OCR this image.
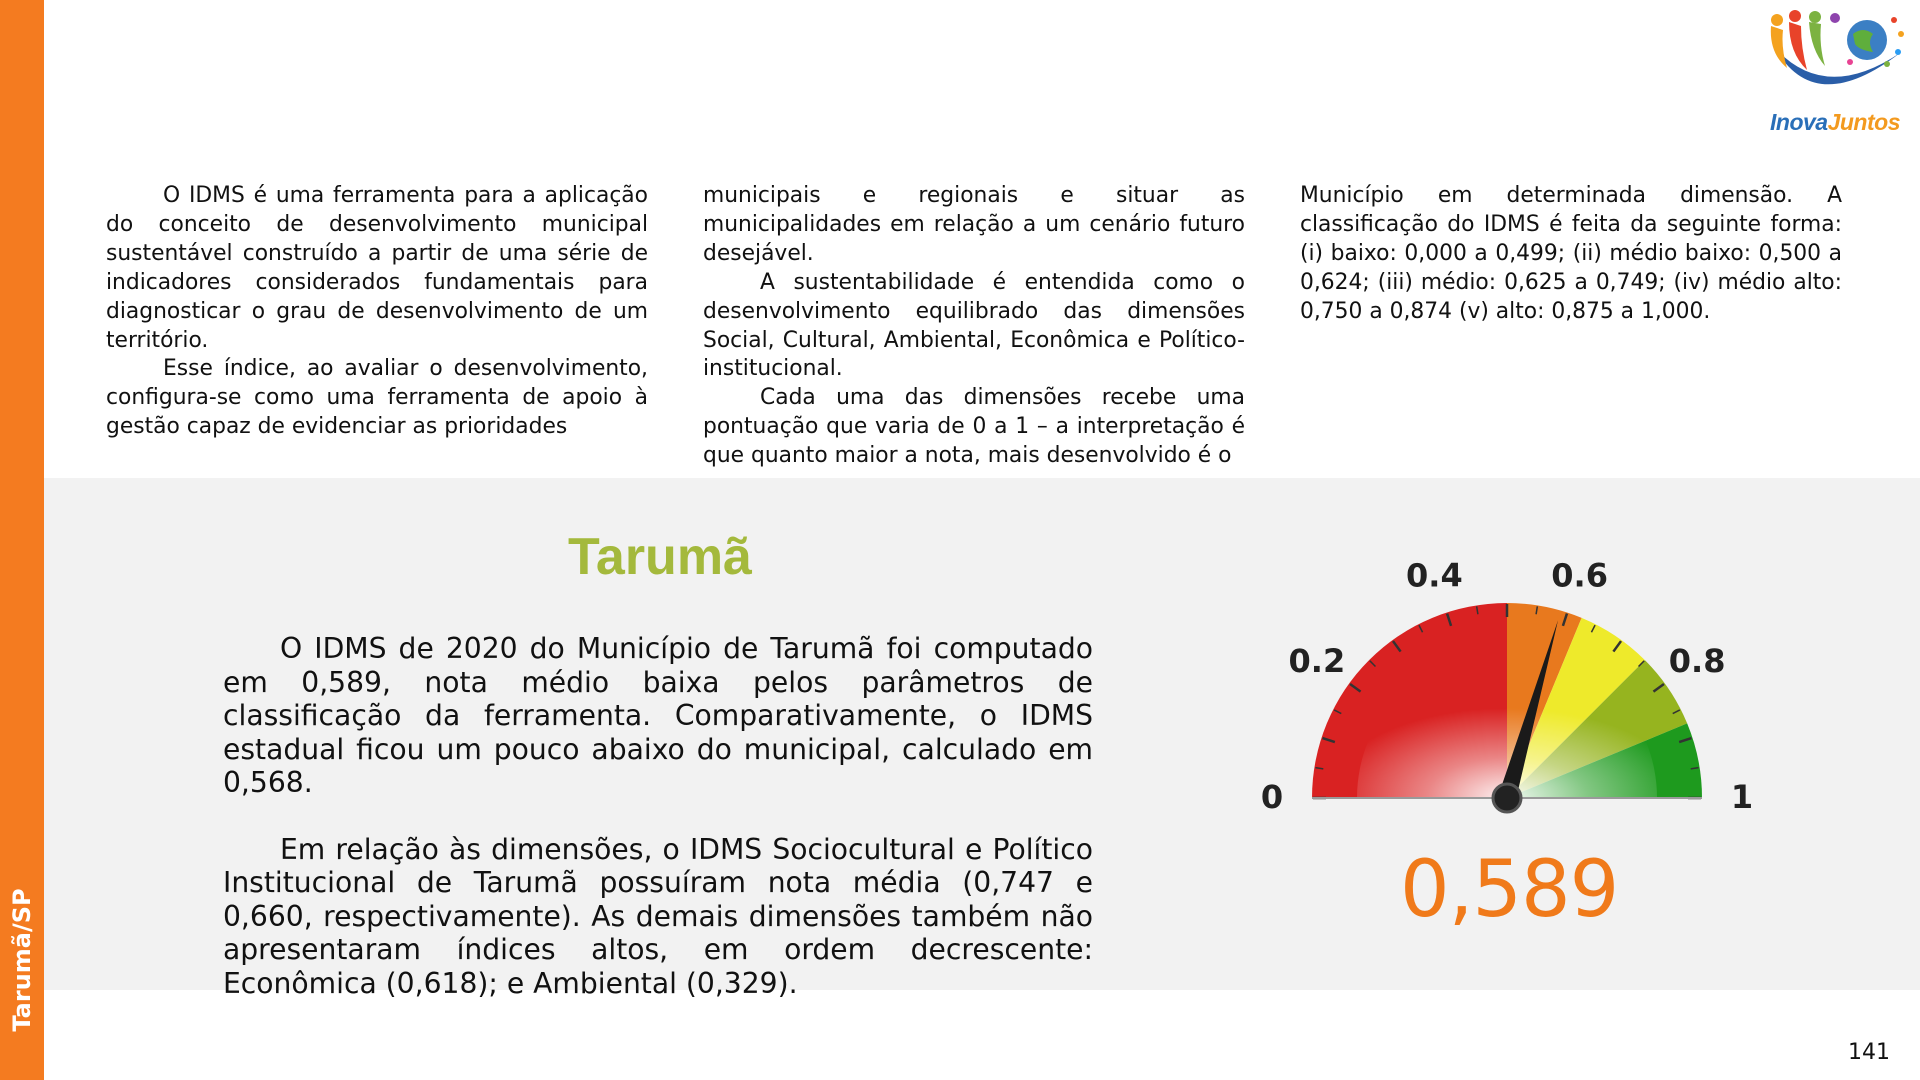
Tarumã/SP
InovaJuntos

O IDMS é uma ferramenta para a aplicação do conceito de desenvolvimento municipal sustentável construído a partir de uma série de indicadores considerados fundamentais para diagnosticar o grau de desenvolvimento de um território.

Esse índice, ao avaliar o desenvolvimento, configura-se como uma ferramenta de apoio à gestão capaz de evidenciar as prioridades

municipais e regionais e situar as municipalidades em relação a um cenário futuro desejável.

A sustentabilidade é entendida como o desenvolvimento equilibrado das dimensões Social, Cultural, Ambiental, Econômica e Político-institucional.

Cada uma das dimensões recebe uma pontuação que varia de 0 a 1 – a interpretação é que quanto maior a nota, mais desenvolvido é o

Município em determinada dimensão. A classificação do IDMS é feita da seguinte forma: (i) baixo: 0,000 a 0,499; (ii) médio baixo: 0,500 a 0,624; (iii) médio: 0,625 a 0,749; (iv) médio alto: 0,750 a 0,874 (v) alto: 0,875 a 1,000.

Tarumã

O IDMS de 2020 do Município de Tarumã foi computado em 0,589, nota médio baixa pelos parâmetros de classificação da ferramenta. Comparativamente, o IDMS estadual ficou um pouco abaixo do municipal, calculado em 0,568.

Em relação às dimensões, o IDMS Sociocultural e Político Institucional de Tarumã possuíram nota média (0,747 e 0,660, respectivamente). As demais dimensões também não apresentaram índices altos, em ordem decrescente: Econômica (0,618); e Ambiental (0,329).

0
0.2
0.4	0.6
0.8
1
0,589
141
